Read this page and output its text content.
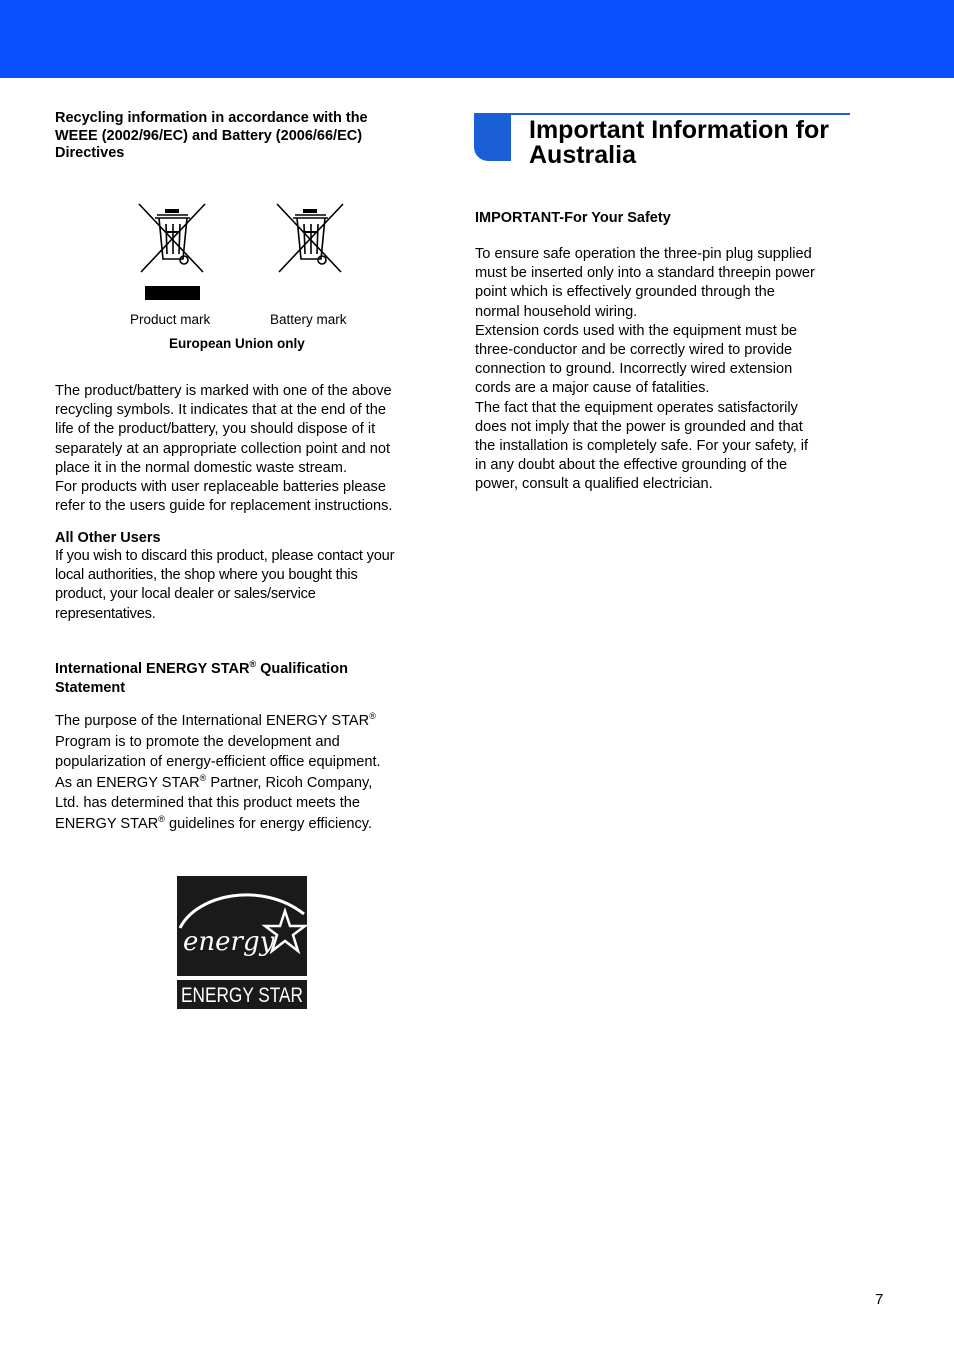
Recycling information in accordance with the
WEEE (2002/96/EC) and Battery (2006/66/EC)
Directives
Product mark	Battery mark
European Union only

The product/battery is marked with one of the above

recycling symbols. It indicates that at the end of the

life of the product/battery, you should dispose of it

separately at an appropriate collection point and not

place it in the normal domestic waste stream.

For products with user replaceable batteries please

refer to the users guide for replacement instructions.

All Other Users

If you wish to discard this product, please contact your

local authorities, the shop where you bought this

product, your local dealer or sales/service

representatives.

International ENERGY STAR® Qualification
Statement

The purpose of the International ENERGY STAR®

Program is to promote the development and

popularization of energy-efficient office equipment.

As an ENERGY STAR® Partner, Ricoh Company,

Ltd. has determined that this product meets the

ENERGY STAR® guidelines for energy efficiency.

energy
ENERGY STAR
Important Information for
Australia
IMPORTANT-For Your Safety

To ensure safe operation the three-pin plug supplied

must be inserted only into a standard threepin power

point which is effectively grounded through the

normal household wiring.

Extension cords used with the equipment must be

three-conductor and be correctly wired to provide

connection to ground. Incorrectly wired extension

cords are a major cause of fatalities.

The fact that the equipment operates satisfactorily

does not imply that the power is grounded and that

the installation is completely safe. For your safety, if

in any doubt about the effective grounding of the

power, consult a qualified electrician.

7
